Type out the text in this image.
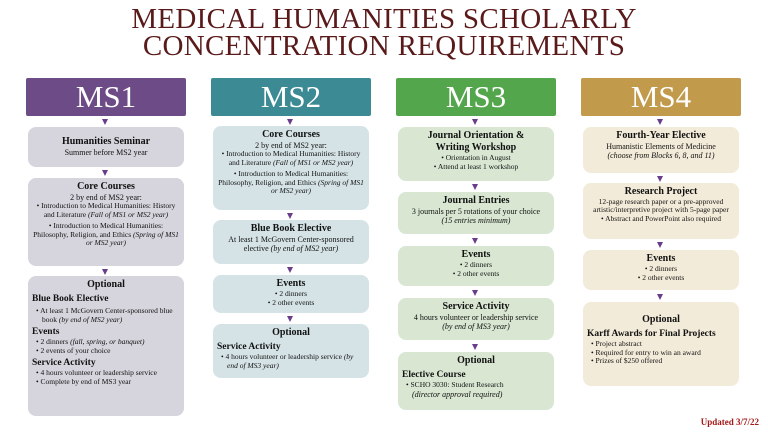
MEDICAL HUMANITIES SCHOLARLY
CONCENTRATION REQUIREMENTS
MS1
Humanities Seminar
Summer before MS2 year
Core Courses
2 by end of MS2 year:
• Introduction to Medical Humanities: History and Literature (Fall of MS1 or MS2 year)
• Introduction to Medical Humanities: Philosophy, Religion, and Ethics (Spring of MS1 or MS2 year)
Optional
Blue Book Elective
• At least 1 McGovern Center-sponsored blue book (by end of MS2 year)
Events
• 2 dinners (fall, spring, or banquet)
• 2 events of your choice
Service Activity
• 4 hours volunteer or leadership service
• Complete by end of MS3 year
MS2
Core Courses
2 by end of MS2 year:
• Introduction to Medical Humanities: History and Literature (Fall of MS1 or MS2 year)
• Introduction to Medical Humanities: Philosophy, Religion, and Ethics (Spring of MS1 or MS2 year)
Blue Book Elective
At least 1 McGovern Center-sponsored elective (by end of MS2 year)
Events
• 2 dinners
• 2 other events
Optional
Service Activity
• 4 hours volunteer or leadership service (by end of MS3 year)
MS3
Journal Orientation & Writing Workshop
• Orientation in August
• Attend at least 1 workshop
Journal Entries
3 journals per 5 rotations of your choice
(15 entries minimum)
Events
• 2 dinners
• 2 other events
Service Activity
4 hours volunteer or leadership service
(by end of MS3 year)
Optional
Elective Course
• SCHO 3030: Student Research
(director approval required)
MS4
Fourth-Year Elective
Humanistic Elements of Medicine
(choose from Blocks 6, 8, and 11)
Research Project
12-page research paper or a pre-approved artistic/interpretive project with 5-page paper
• Abstract and PowerPoint also required
Events
• 2 dinners
• 2 other events
Optional
Karff Awards for Final Projects
• Project abstract
• Required for entry to win an award
• Prizes of $250 offered
Updated 3/7/22
